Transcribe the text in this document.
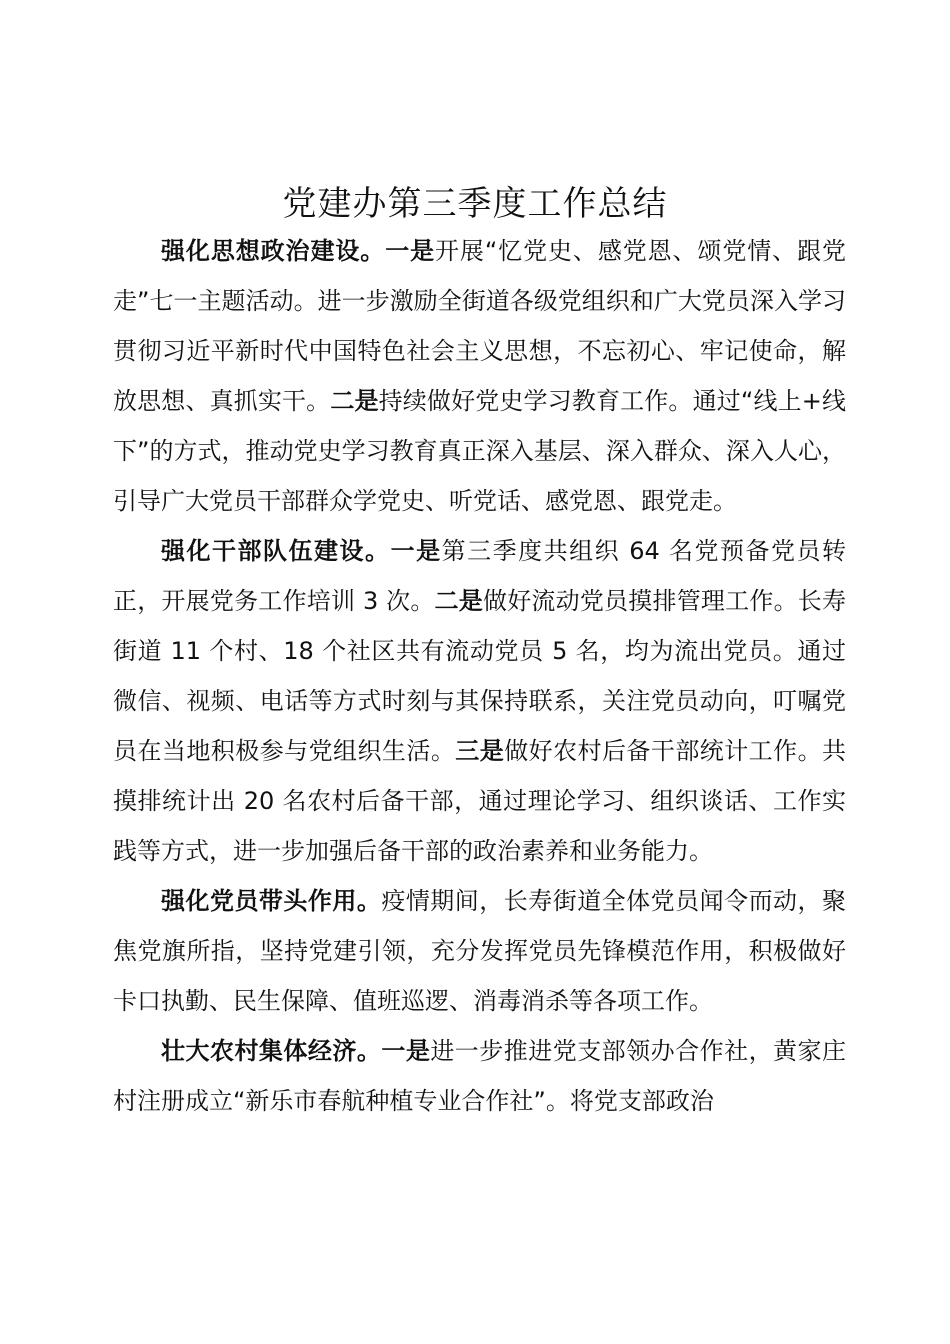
党建办第三季度工作总结

强化思想政治建设。一是开展“忆党史、感党恩、颂党情、跟党走”七一主题活动。进一步激励全街道各级党组织和广大党员深入学习贯彻习近平新时代中国特色社会主义思想，不忘初心、牢记使命，解放思想、真抓实干。二是持续做好党史学习教育工作。通过“线上+线下”的方式，推动党史学习教育真正深入基层、深入群众、深入人心，引导广大党员干部群众学党史、听党话、感党恩、跟党走。

强化干部队伍建设。一是第三季度共组织 64 名党预备党员转正，开展党务工作培训 3 次。二是做好流动党员摸排管理工作。长寿街道 11 个村、18 个社区共有流动党员 5 名，均为流出党员。通过微信、视频、电话等方式时刻与其保持联系，关注党员动向，叮嘱党员在当地积极参与党组织生活。三是做好农村后备干部统计工作。共摸排统计出 20 名农村后备干部，通过理论学习、组织谈话、工作实践等方式，进一步加强后备干部的政治素养和业务能力。

强化党员带头作用。疫情期间，长寿街道全体党员闻令而动，聚焦党旗所指，坚持党建引领，充分发挥党员先锋模范作用，积极做好卡口执勤、民生保障、值班巡逻、消毒消杀等各项工作。

壮大农村集体经济。一是进一步推进党支部领办合作社，黄家庄村注册成立“新乐市春航种植专业合作社”。将党支部政治
